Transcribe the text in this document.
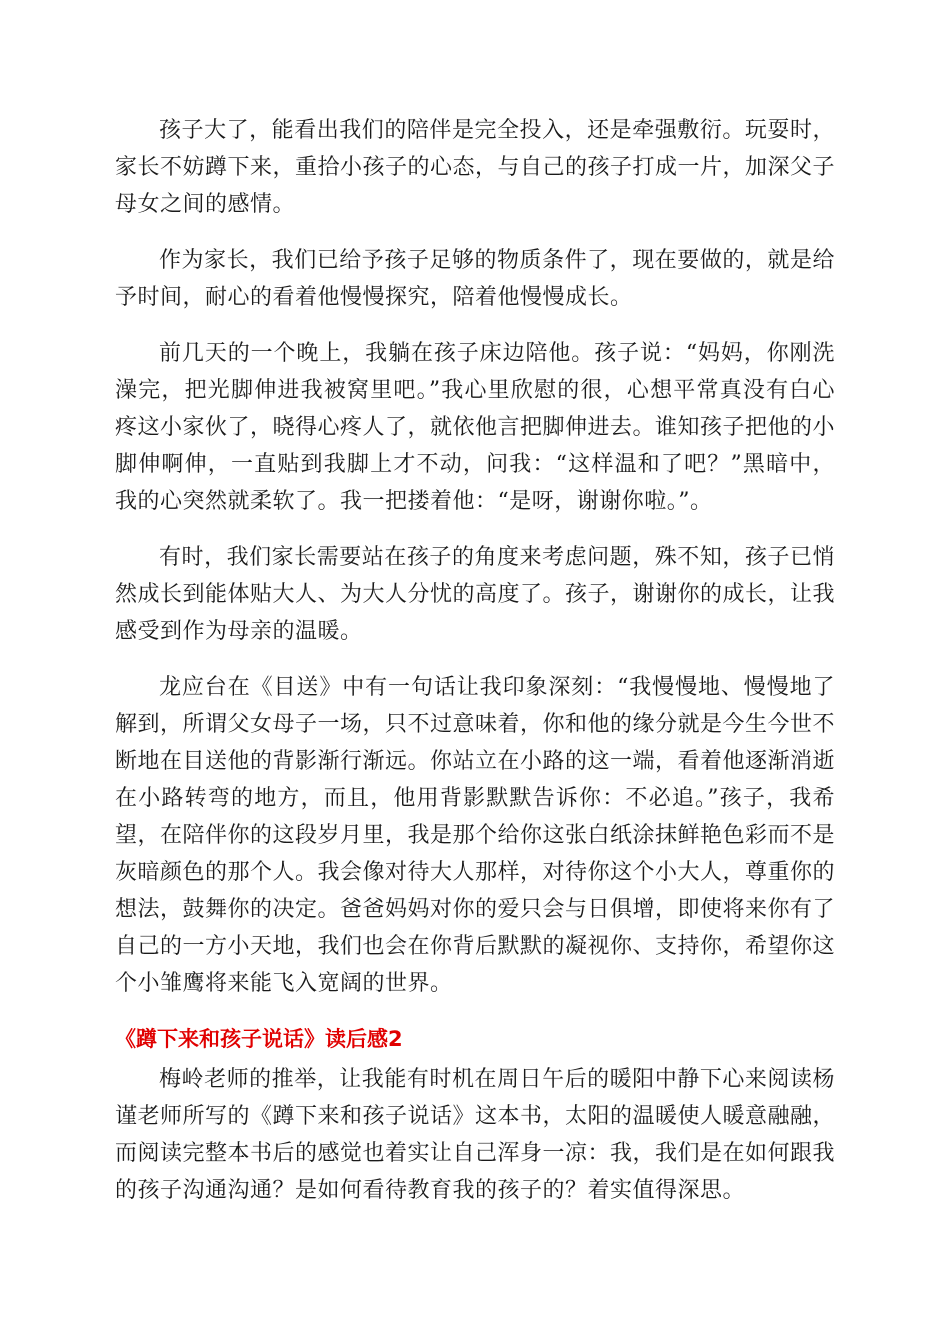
孩子大了，能看出我们的陪伴是完全投入，还是牵强敷衍。玩耍时，家长不妨蹲下来，重拾小孩子的心态，与自己的孩子打成一片，加深父子母女之间的感情。

作为家长，我们已给予孩子足够的物质条件了，现在要做的，就是给予时间，耐心的看着他慢慢探究，陪着他慢慢成长。

前几天的一个晚上，我躺在孩子床边陪他。孩子说：“妈妈，你刚洗澡完，把光脚伸进我被窝里吧。”我心里欣慰的很，心想平常真没有白心疼这小家伙了，晓得心疼人了，就依他言把脚伸进去。谁知孩子把他的小脚伸啊伸，一直贴到我脚上才不动，问我：“这样温和了吧？”黑暗中，我的心突然就柔软了。我一把搂着他：“是呀，谢谢你啦。”。

有时，我们家长需要站在孩子的角度来考虑问题，殊不知，孩子已悄然成长到能体贴大人、为大人分忧的高度了。孩子，谢谢你的成长，让我感受到作为母亲的温暖。

龙应台在《目送》中有一句话让我印象深刻：“我慢慢地、慢慢地了解到，所谓父女母子一场，只不过意味着，你和他的缘分就是今生今世不断地在目送他的背影渐行渐远。你站立在小路的这一端，看着他逐渐消逝在小路转弯的地方，而且，他用背影默默告诉你：不必追。”孩子，我希望，在陪伴你的这段岁月里，我是那个给你这张白纸涂抹鲜艳色彩而不是灰暗颜色的那个人。我会像对待大人那样，对待你这个小大人，尊重你的想法，鼓舞你的决定。爸爸妈妈对你的爱只会与日俱增，即使将来你有了自己的一方小天地，我们也会在你背后默默的凝视你、支持你，希望你这个小雏鹰将来能飞入宽阔的世界。

《蹲下来和孩子说话》读后感2

梅岭老师的推举，让我能有时机在周日午后的暖阳中静下心来阅读杨谨老师所写的《蹲下来和孩子说话》这本书，太阳的温暖使人暖意融融，而阅读完整本书后的感觉也着实让自己浑身一凉：我，我们是在如何跟我的孩子沟通沟通？是如何看待教育我的孩子的？着实值得深思。
